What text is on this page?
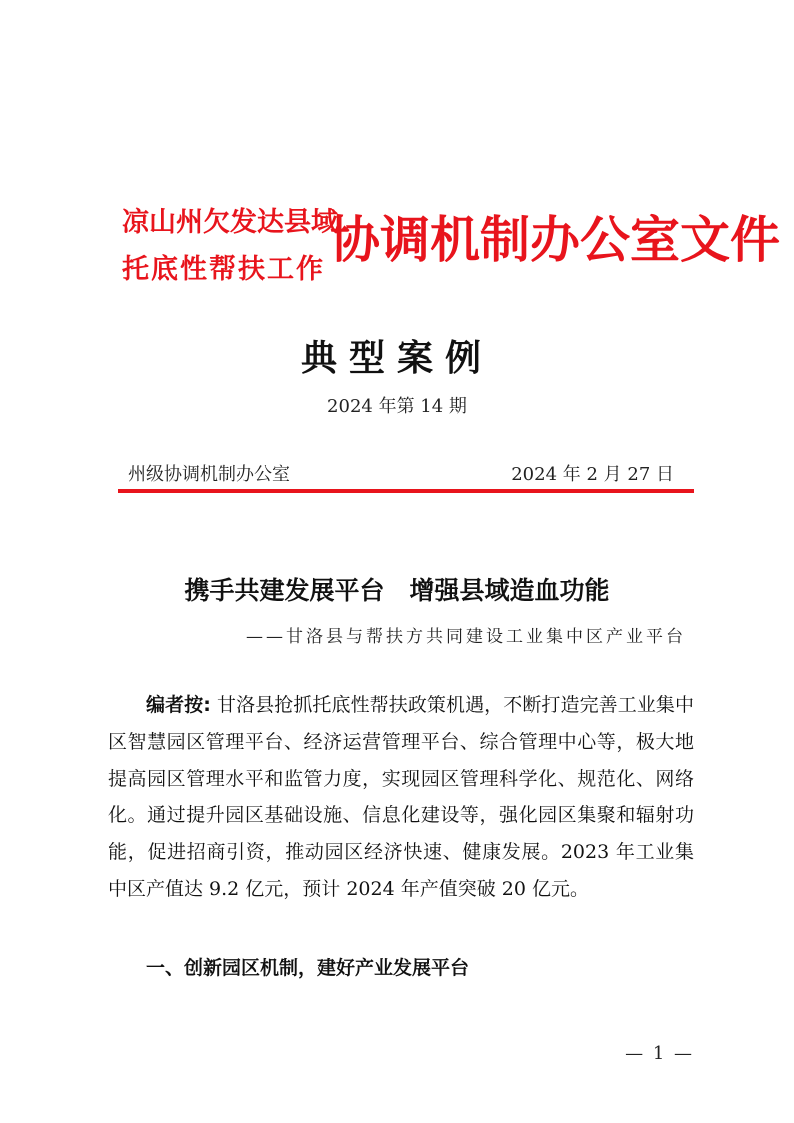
凉山州欠发达县域
托底性帮扶工作
协调机制办公室文件
典型案例
2024 年第 14 期
州级协调机制办公室	2024 年 2 月 27 日
携手共建发展平台　增强县域造血功能
——甘洛县与帮扶方共同建设工业集中区产业平台
编者按: 甘洛县抢抓托底性帮扶政策机遇，不断打造完善工业集中区智慧园区管理平台、经济运营管理平台、综合管理中心等，极大地提高园区管理水平和监管力度，实现园区管理科学化、规范化、网络化。通过提升园区基础设施、信息化建设等，强化园区集聚和辐射功能，促进招商引资，推动园区经济快速、健康发展。2023 年工业集中区产值达 9.2 亿元，预计 2024 年产值突破 20 亿元。
一、创新园区机制，建好产业发展平台
— 1 —
